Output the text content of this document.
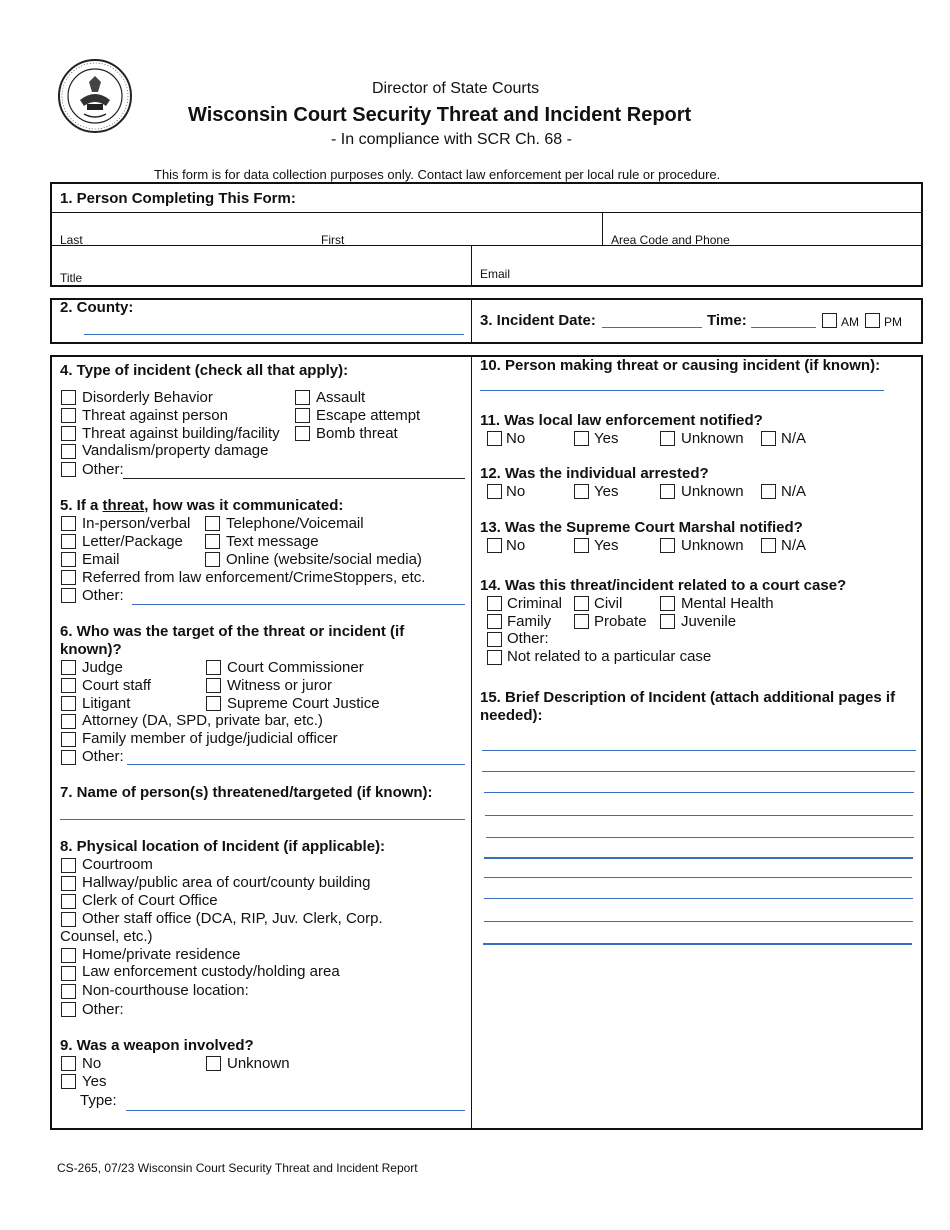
Director of State Courts
Wisconsin Court Security Threat and Incident Report
- In compliance with SCR Ch. 68 -
This form is for data collection purposes only. Contact law enforcement per local rule or procedure.
1. Person Completing This Form:
Last	First	Area Code and Phone
Title	Email
2. County:
3. Incident Date:	Time:	AM PM
4. Type of incident (check all that apply):
Disorderly Behavior
Threat against person
Threat against building/facility
Vandalism/property damage
Other:
Assault
Escape attempt
Bomb threat
5. If a threat, how was it communicated:
In-person/verbal
Letter/Package
Email
Telephone/Voicemail
Text message
Online (website/social media)
Referred from law enforcement/CrimeStoppers, etc.
Other:
6. Who was the target of the threat or incident (if
known)?
Judge
Court staff
Litigant
Court Commissioner
Witness or juror
Supreme Court Justice
Attorney (DA, SPD, private bar, etc.)
Family member of judge/judicial officer
Other:
7. Name of person(s) threatened/targeted (if known):
8. Physical location of Incident (if applicable):
Courtroom
Hallway/public area of court/county building
Clerk of Court Office
Other staff office (DCA, RIP, Juv. Clerk, Corp.
Counsel, etc.)
Home/private residence
Law enforcement custody/holding area
Non-courthouse location:
Other:
9. Was a weapon involved?
No	Unknown
Yes
Type:
10. Person making threat or causing incident (if known):
11. Was local law enforcement notified?
No	Yes	Unknown N/A
12. Was the individual arrested?
No	Yes	Unknown N/A
13. Was the Supreme Court Marshal notified?
No	Yes	Unknown N/A
14. Was this threat/incident related to a court case?
Criminal Civil	Mental Health
Family	Probate Juvenile
Other:
Not related to a particular case
15. Brief Description of Incident (attach additional pages if
needed):
CS-265, 07/23 Wisconsin Court Security Threat and Incident Report
